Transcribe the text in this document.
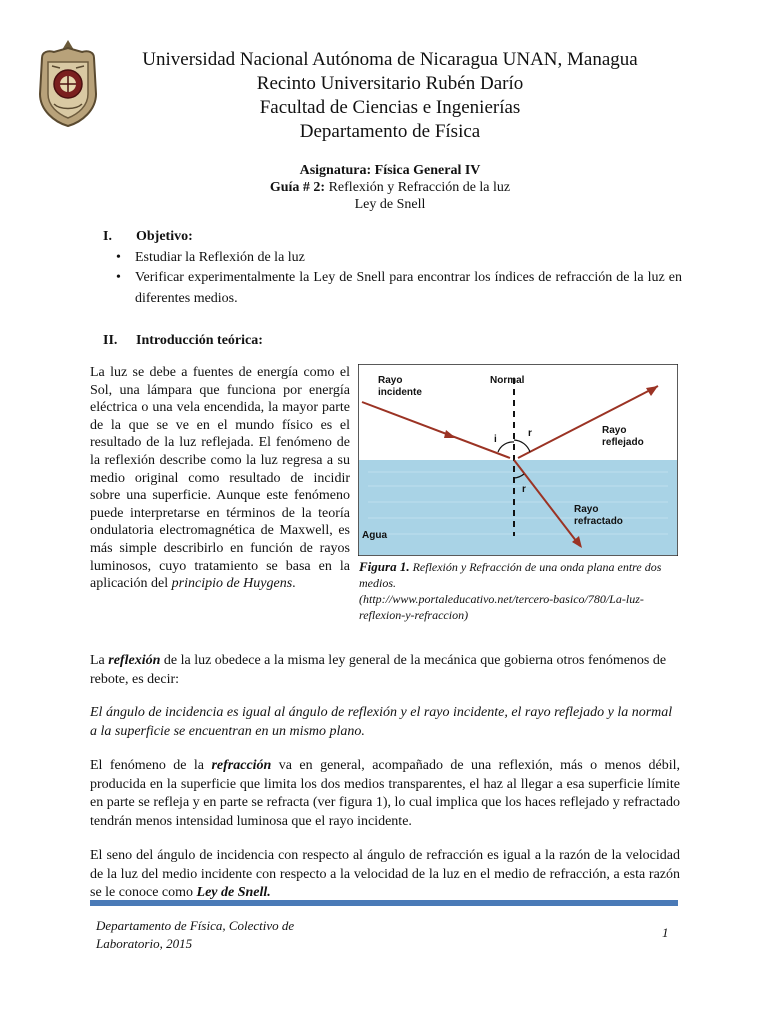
Universidad Nacional Autónoma de Nicaragua UNAN, Managua
Recinto Universitario Rubén Darío
Facultad de Ciencias e Ingenierías
Departamento de Física
Asignatura: Física General IV
Guía # 2: Reflexión y Refracción de la luz
Ley de Snell
I. Objetivo:
• Estudiar la Reflexión de la luz
• Verificar experimentalmente la Ley de Snell para encontrar los índices de refracción de la luz en diferentes medios.
II. Introducción teórica:
La luz se debe a fuentes de energía como el Sol, una lámpara que funciona por energía eléctrica o una vela encendida, la mayor parte de la que se ve en el mundo físico es el resultado de la luz reflejada. El fenómeno de la reflexión describe como la luz regresa a su medio original como resultado de incidir sobre una superficie. Aunque este fenómeno puede interpretarse en términos de la teoría ondulatoria electromagnética de Maxwell, es más simple describirlo en función de rayos luminosos, cuyo tratamiento se basa en la aplicación del principio de Huygens.
Rayo
incidente
Normal
i
r
r
Rayo
reflejado
Rayo
refractado
Agua
Figura 1. Reflexión y Refracción de una onda plana entre dos medios.
(http://www.portaleducativo.net/tercero-basico/780/La-luz-reflexion-y-refraccion)
La reflexión de la luz obedece a la misma ley general de la mecánica que gobierna otros fenómenos de rebote, es decir:
El ángulo de incidencia es igual al ángulo de reflexión y el rayo incidente, el rayo reflejado y la normal a la superficie se encuentran en un mismo plano.
El fenómeno de la refracción va en general, acompañado de una reflexión, más o menos débil, producida en la superficie que limita los dos medios transparentes, el haz al llegar a esa superficie límite en parte se refleja y en parte se refracta (ver figura 1), lo cual implica que los haces reflejado y refractado tendrán menos intensidad luminosa que el rayo incidente.
El seno del ángulo de incidencia con respecto al ángulo de refracción es igual a la razón de la velocidad de la luz del medio incidente con respecto a la velocidad de la luz en el medio de refracción, a esta razón se le conoce como Ley de Snell.
Departamento de Física, Colectivo de Laboratorio, 2015
1
